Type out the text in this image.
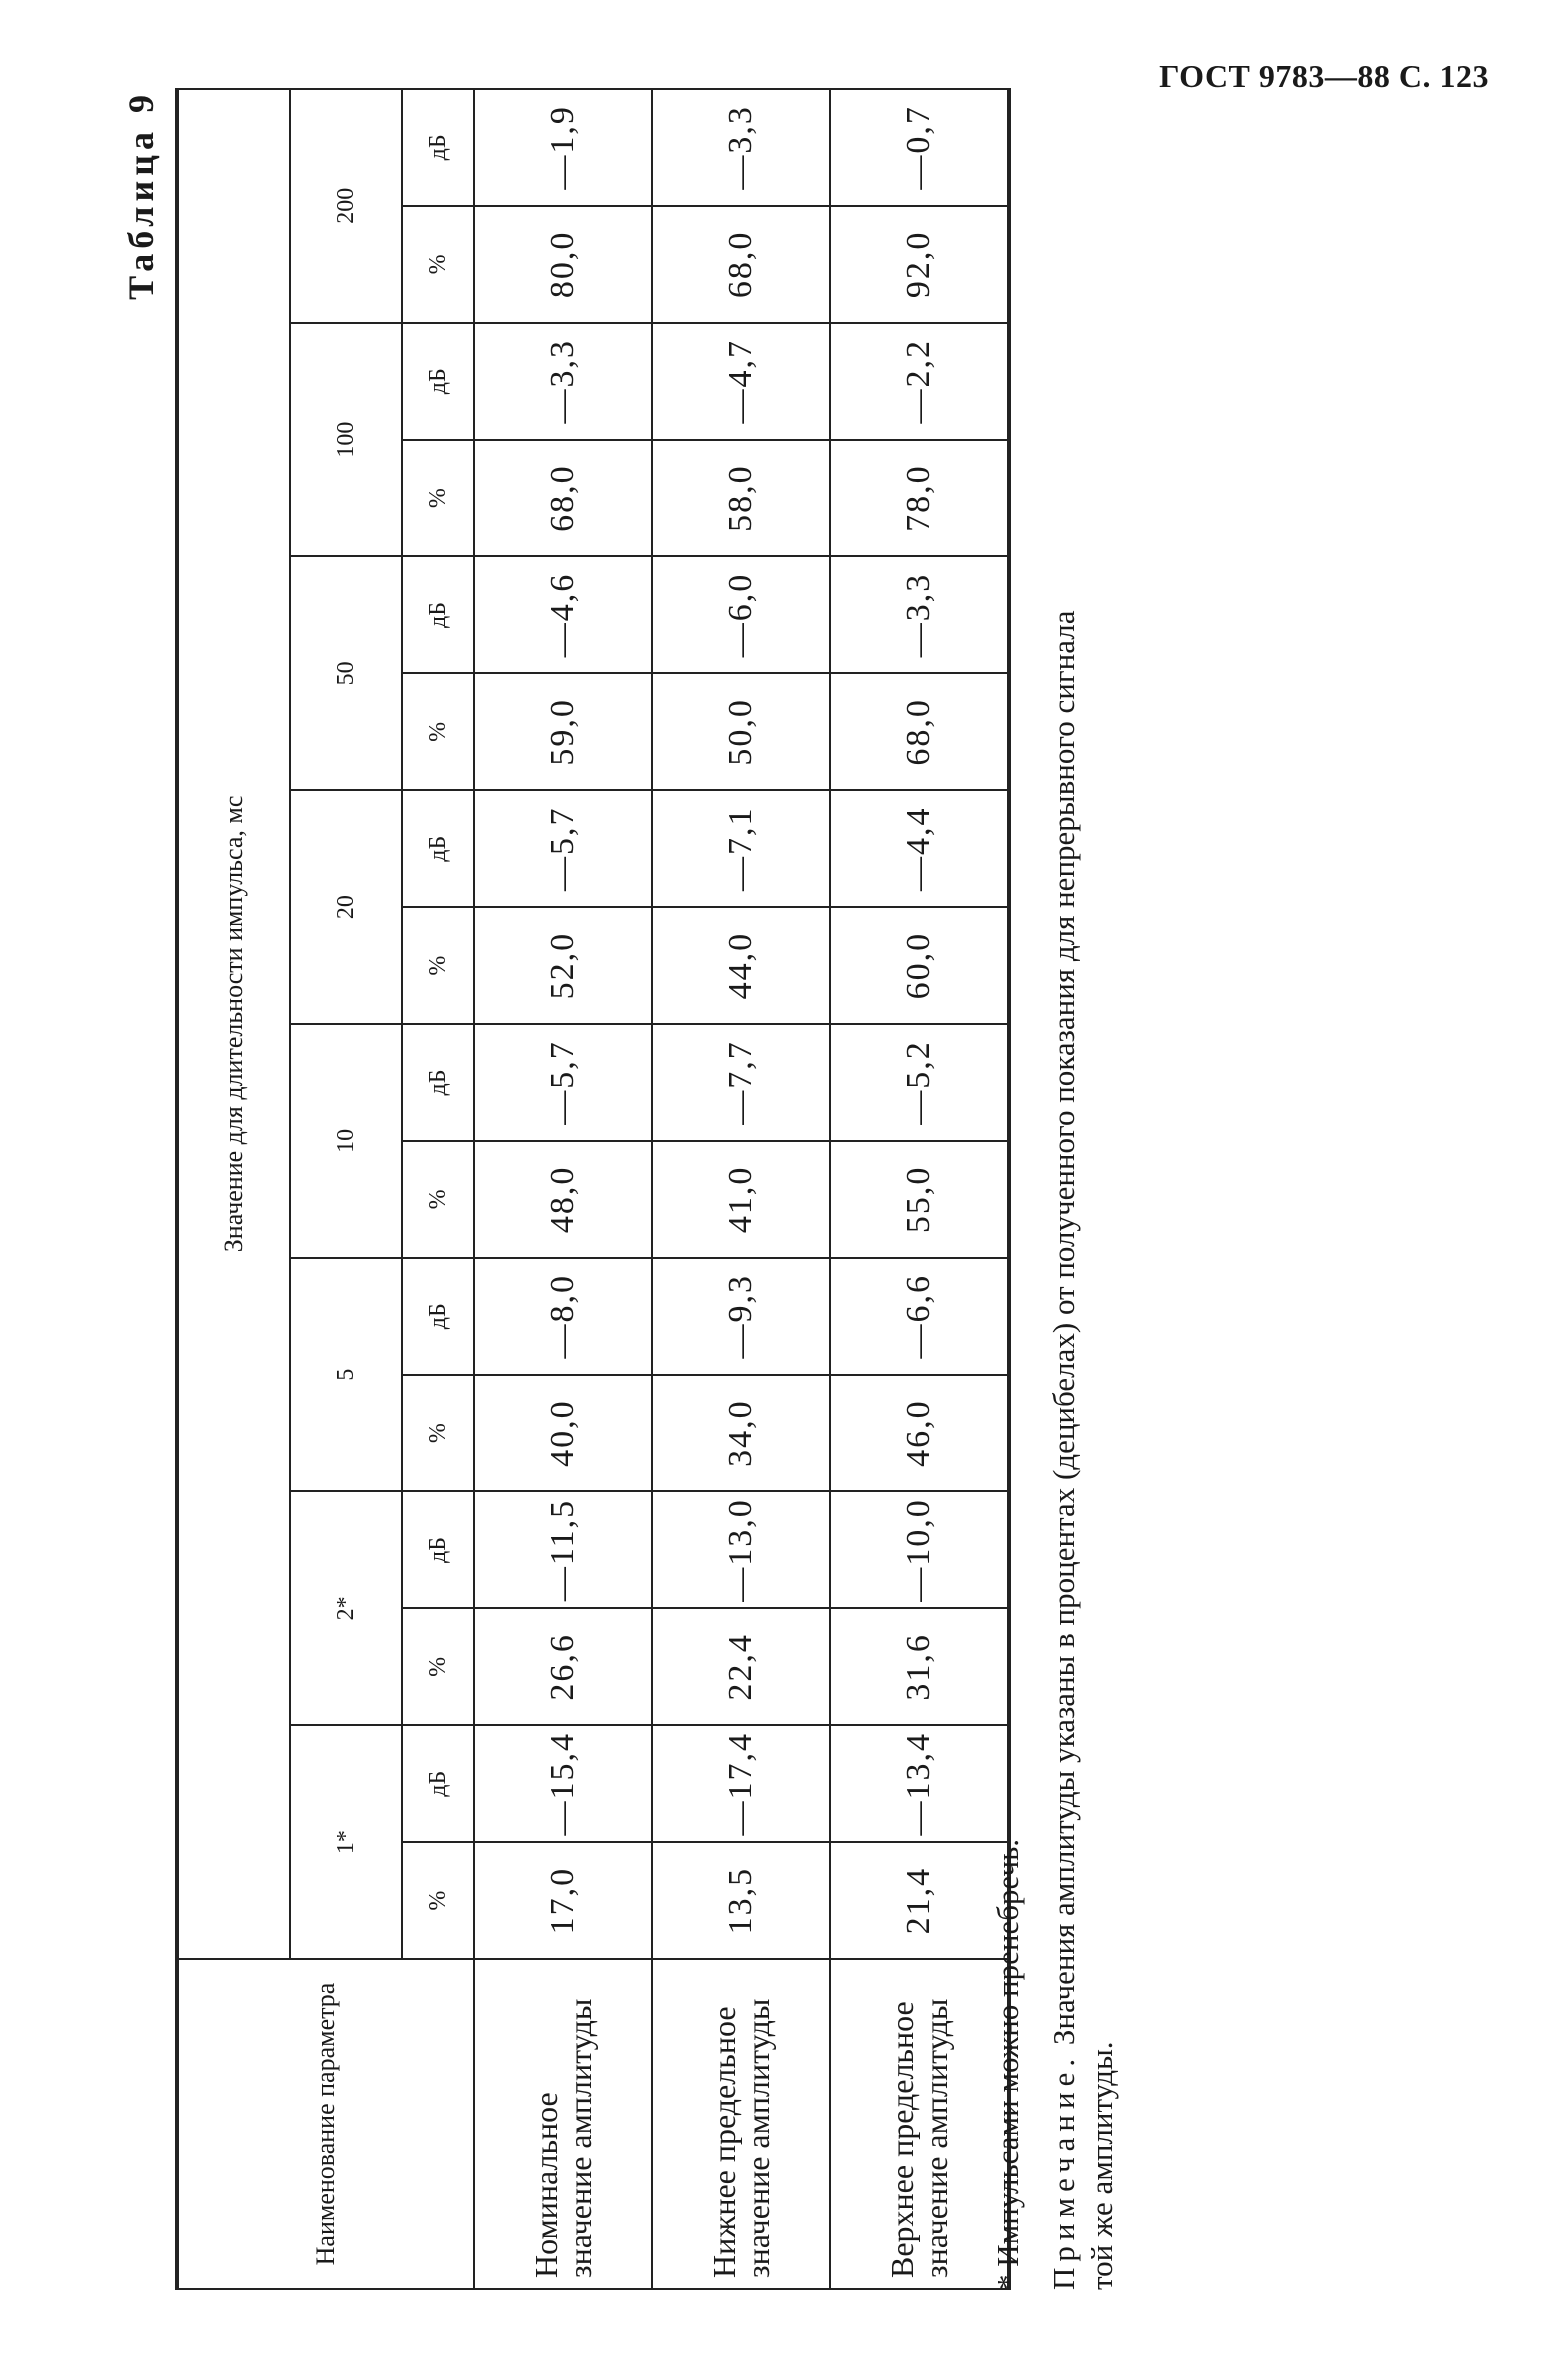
ГОСТ 9783—88 С. 123
Таблица 9
Наименование параметра	Значение для длительности импульса, мс															
	1*		2*		5		10		20		50		100		200	
	%	дБ	%	дБ	%	дБ	%	дБ	%	дБ	%	дБ	%	дБ	%	дБ
Номинальное значение амплитуды	17,0	—15,4	26,6	—11,5	40,0	—8,0	48,0	—5,7	52,0	—5,7	59,0	—4,6	68,0	—3,3	80,0	—1,9
Нижнее предельное значение амплитуды	13,5	—17,4	22,4	—13,0	34,0	—9,3	41,0	—7,7	44,0	—7,1	50,0	—6,0	58,0	—4,7	68,0	—3,3
Верхнее предельное значение амплитуды	21,4	—13,4	31,6	—10,0	46,0	—6,6	55,0	—5,2	60,0	—4,4	68,0	—3,3	78,0	—2,2	92,0	—0,7
* Импульсами можно пренебречь. Примечание. Значения амплитуды указаны в процентах (децибелах) от полученного показания для непрерывного сигнала той же амплитуды.
